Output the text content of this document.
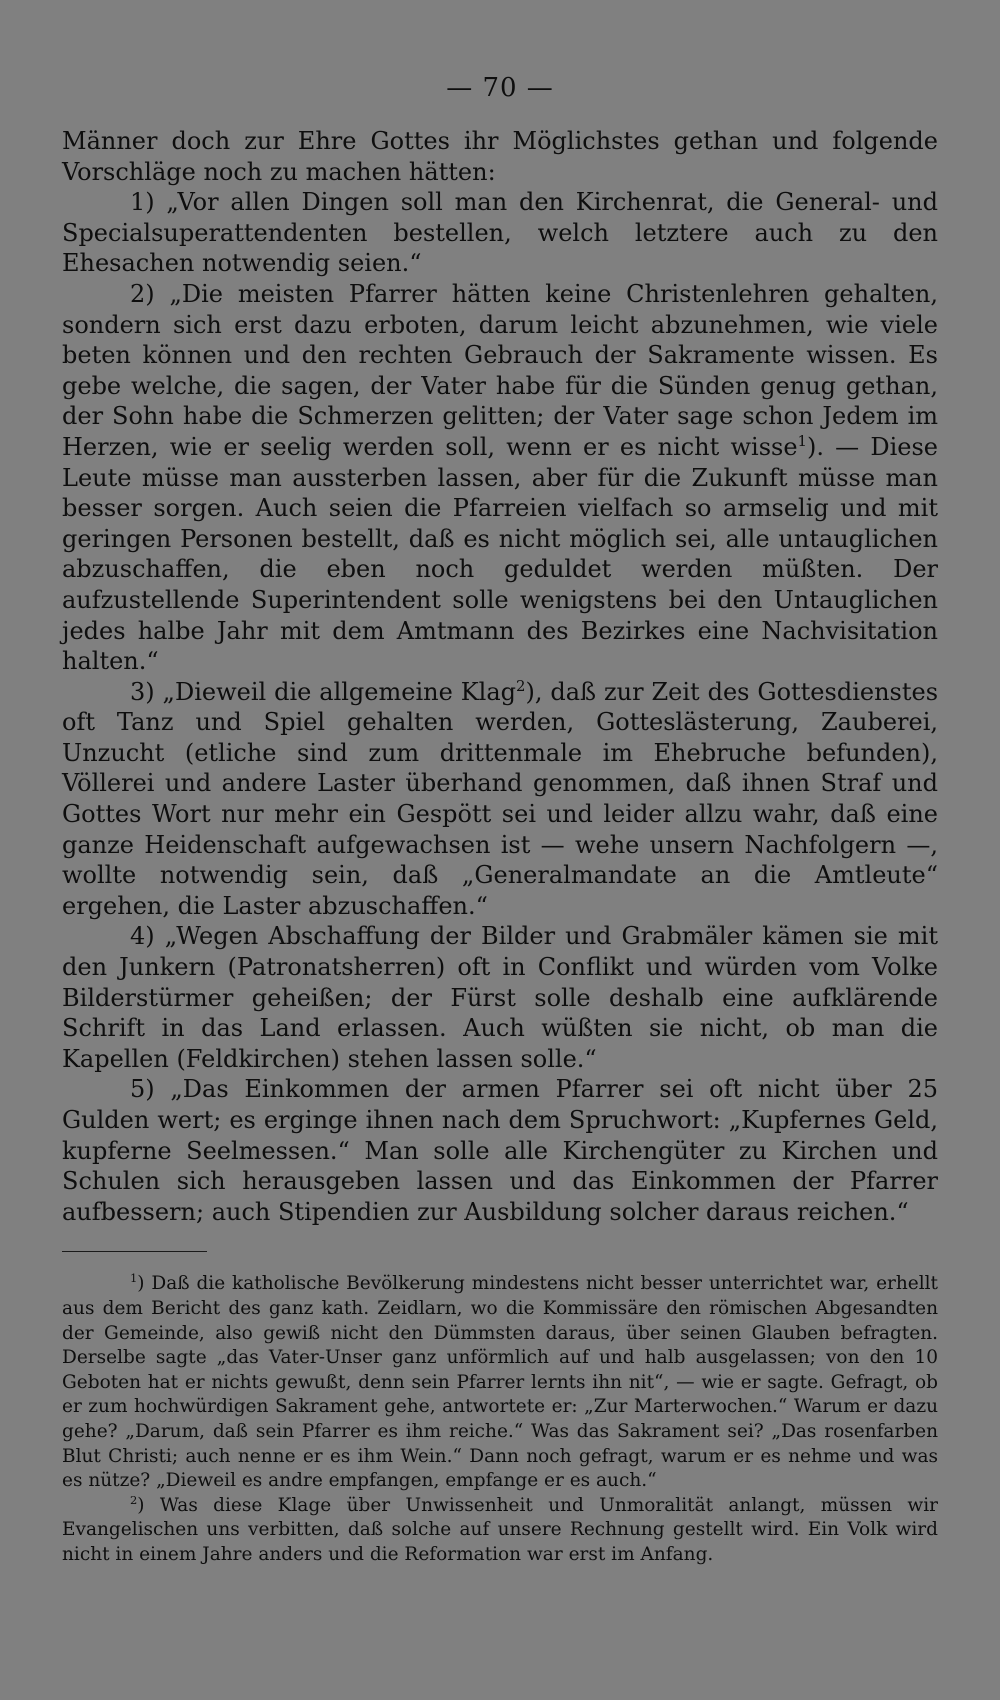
— 70 —

Männer doch zur Ehre Gottes ihr Möglichstes gethan und folgende Vorschläge noch zu machen hätten:

1) „Vor allen Dingen soll man den Kirchenrat, die General- und Specialsuperattendenten bestellen, welch letztere auch zu den Ehesachen notwendig seien.“

2) „Die meisten Pfarrer hätten keine Christenlehren gehalten, sondern sich erst dazu erboten, darum leicht abzunehmen, wie viele beten können und den rechten Gebrauch der Sakramente wissen. Es gebe welche, die sagen, der Vater habe für die Sünden genug gethan, der Sohn habe die Schmerzen gelitten; der Vater sage schon Jedem im Herzen, wie er seelig werden soll, wenn er es nicht wisse$^1$). — Diese Leute müsse man aussterben lassen, aber für die Zukunft müsse man besser sorgen. Auch seien die Pfarreien vielfach so armselig und mit geringen Personen bestellt, daß es nicht möglich sei, alle untauglichen abzuschaffen, die eben noch geduldet werden müßten. Der aufzustellende Superintendent solle wenigstens bei den Untauglichen jedes halbe Jahr mit dem Amtmann des Bezirkes eine Nachvisitation halten.“

3) „Dieweil die allgemeine Klag$^2$), daß zur Zeit des Gottesdienstes oft Tanz und Spiel gehalten werden, Gotteslästerung, Zauberei, Unzucht (etliche sind zum drittenmale im Ehebruche befunden), Völlerei und andere Laster überhand genommen, daß ihnen Straf und Gottes Wort nur mehr ein Gespött sei und leider allzu wahr, daß eine ganze Heidenschaft aufgewachsen ist — wehe unsern Nachfolgern —, wollte notwendig sein, daß „Generalmandate an die Amtleute“ ergehen, die Laster abzuschaffen.“

4) „Wegen Abschaffung der Bilder und Grabmäler kämen sie mit den Junkern (Patronatsherren) oft in Conflikt und würden vom Volke Bilderstürmer geheißen; der Fürst solle deshalb eine aufklärende Schrift in das Land erlassen. Auch wüßten sie nicht, ob man die Kapellen (Feldkirchen) stehen lassen solle.“

5) „Das Einkommen der armen Pfarrer sei oft nicht über 25 Gulden wert; es erginge ihnen nach dem Spruchwort: „Kupfernes Geld, kupferne Seelmessen.“ Man solle alle Kirchengüter zu Kirchen und Schulen sich herausgeben lassen und das Einkommen der Pfarrer aufbessern; auch Stipendien zur Ausbildung solcher daraus reichen.“

$^1$) Daß die katholische Bevölkerung mindestens nicht besser unterrichtet war, erhellt aus dem Bericht des ganz kath. Zeidlarn, wo die Kommissäre den römischen Abgesandten der Gemeinde, also gewiß nicht den Dümmsten daraus, über seinen Glauben befragten. Derselbe sagte „das Vater-Unser ganz unförmlich auf und halb ausgelassen; von den 10 Geboten hat er nichts gewußt, denn sein Pfarrer lernts ihn nit“, — wie er sagte. Gefragt, ob er zum hochwürdigen Sakrament gehe, antwortete er: „Zur Marterwochen.“ Warum er dazu gehe? „Darum, daß sein Pfarrer es ihm reiche.“ Was das Sakrament sei? „Das rosenfarben Blut Christi; auch nenne er es ihm Wein.“ Dann noch gefragt, warum er es nehme und was es nütze? „Dieweil es andre empfangen, empfange er es auch.“

$^2$) Was diese Klage über Unwissenheit und Unmoralität anlangt, müssen wir Evangelischen uns verbitten, daß solche auf unsere Rechnung gestellt wird. Ein Volk wird nicht in einem Jahre anders und die Reformation war erst im Anfang.
